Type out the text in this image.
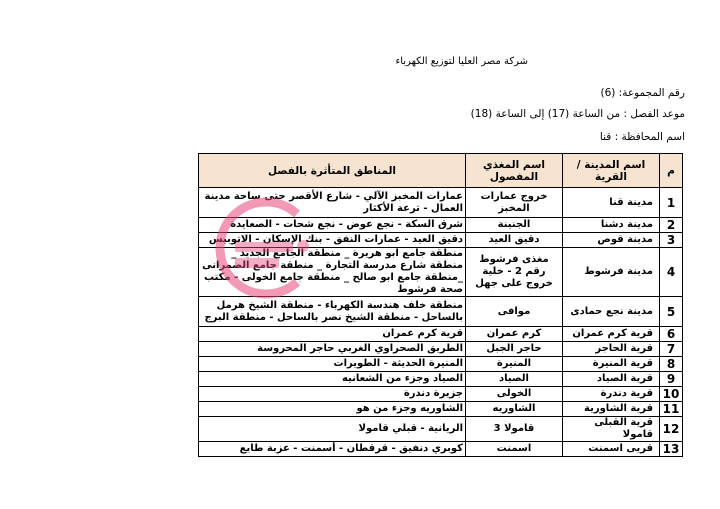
شركة مصر العليا لتوزيع الكهرباء
رقم المجموعة: (6)
موعد الفصل : من الساعة (17) إلى الساعة (18)
اسم المحافظة : قنا
م	اسم المدينة / القرية	اسم المغذي المفصول	المناطق المتأثرة بالفصل
1	مدينة قنا	خروج عمارات المخبز	عمارات المخبز الآلي - شارع الأقصر حتى ساحة مدينة العمال - ترعة الأكثار
2	مدينة دشنا	الجنينة	شرق السكة - نجع عوض - نجع شحات - الصعايدة
3	مدينة قوص	دقيق العيد	دقيق العيد - عمارات النفق - بنك الإسكان - الاتوبيس
4	مدينة فرشوط	مغذى فرشوط رقم 2 - خلية خروج على جهل	منطقة جامع ابو هريرة _ منطقة الجامع الجديد _ منطقة شارع مدرسة التجارة _ منطقة جامع الضمرانى _منطقة جامع ابو صالح _ منطقة جامع الخولى - مكتب صحة فرشوط
5	مدينة نجع حمادى	موافى	منطقة خلف هندسة الكهرباء - منطقة الشيخ هرمل بالساحل - منطقة الشيخ نصر بالساحل - منطقة البرج
6	قرية كرم عمران	كرم عمران	قرية كرم عمران
7	قرية الحاجر	حاجر الجبل	الطريق الصحراوي الغربي حاجر المحروسة
8	قرية المنيرة	المنيرة	المنيرة الحديثة - الطويرات
9	قرية الصياد	الصياد	الصياد وجزء من الشعانيه
10	قرية دندرة	الخولى	جزيرة دندرة
11	قرية الشاورية	الشاوريه	الشاوريه وجزء من هو
12	قرية القبلى قامولا	قامولا 3	الريانية - قبلي قامولا
13	قريى اسمنت	اسمنت	كوبري دنفيق - قرقطان - أسمنت - عزبة طايع
